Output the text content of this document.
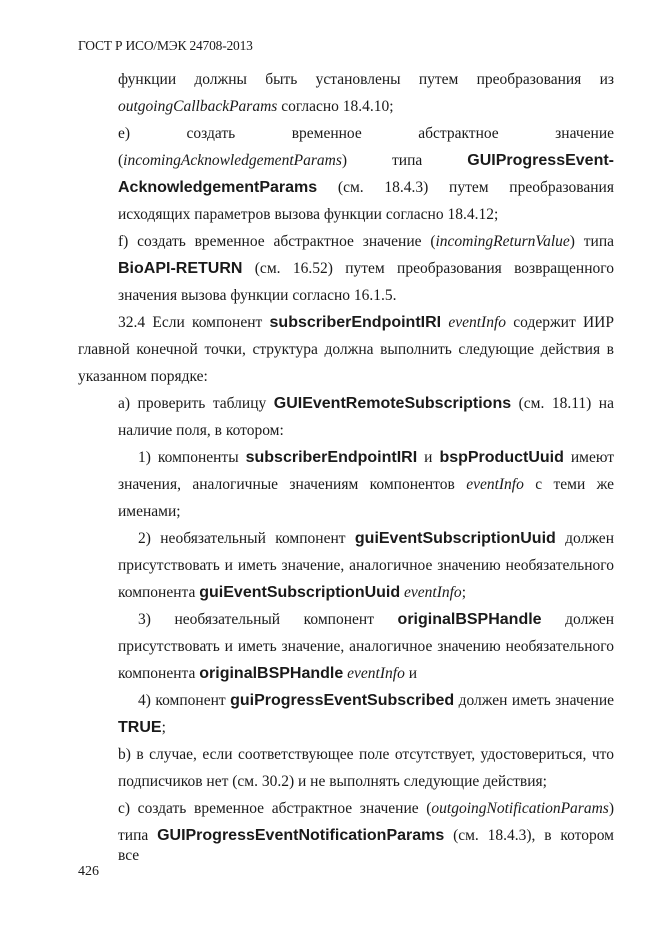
ГОСТ Р ИСО/МЭК 24708-2013
функции должны быть установлены путем преобразования из
outgoingCallbackParams согласно 18.4.10;
e) создать временное абстрактное значение
(incomingAcknowledgementParams) типа GUIProgressEvent-
AcknowledgementParams (см. 18.4.3) путем преобразования
исходящих параметров вызова функции согласно 18.4.12;
f) создать временное абстрактное значение (incomingReturnValue) типа
BioAPI-RETURN (см. 16.52) путем преобразования возвращенного
значения вызова функции согласно 16.1.5.
32.4 Если компонент subscriberEndpointIRI eventInfo содержит ИИР
главной конечной точки, структура должна выполнить следующие действия в
указанном порядке:
a) проверить таблицу GUIEventRemoteSubscriptions (см. 18.11) на
наличие поля, в котором:
1) компоненты subscriberEndpointIRI и bspProductUuid имеют
значения, аналогичные значениям компонентов eventInfo с теми же
именами;
2) необязательный компонент guiEventSubscriptionUuid должен
присутствовать и иметь значение, аналогичное значению необязательного
компонента guiEventSubscriptionUuid eventInfo;
3) необязательный компонент originalBSPHandle должен
присутствовать и иметь значение, аналогичное значению необязательного
компонента originalBSPHandle eventInfo и
4) компонент guiProgressEventSubscribed должен иметь значение
TRUE;
b) в случае, если соответствующее поле отсутствует, удостовериться, что
подписчиков нет (см. 30.2) и не выполнять следующие действия;
c) создать временное абстрактное значение (outgoingNotificationParams)
типа GUIProgressEventNotificationParams (см. 18.4.3), в котором все
426
